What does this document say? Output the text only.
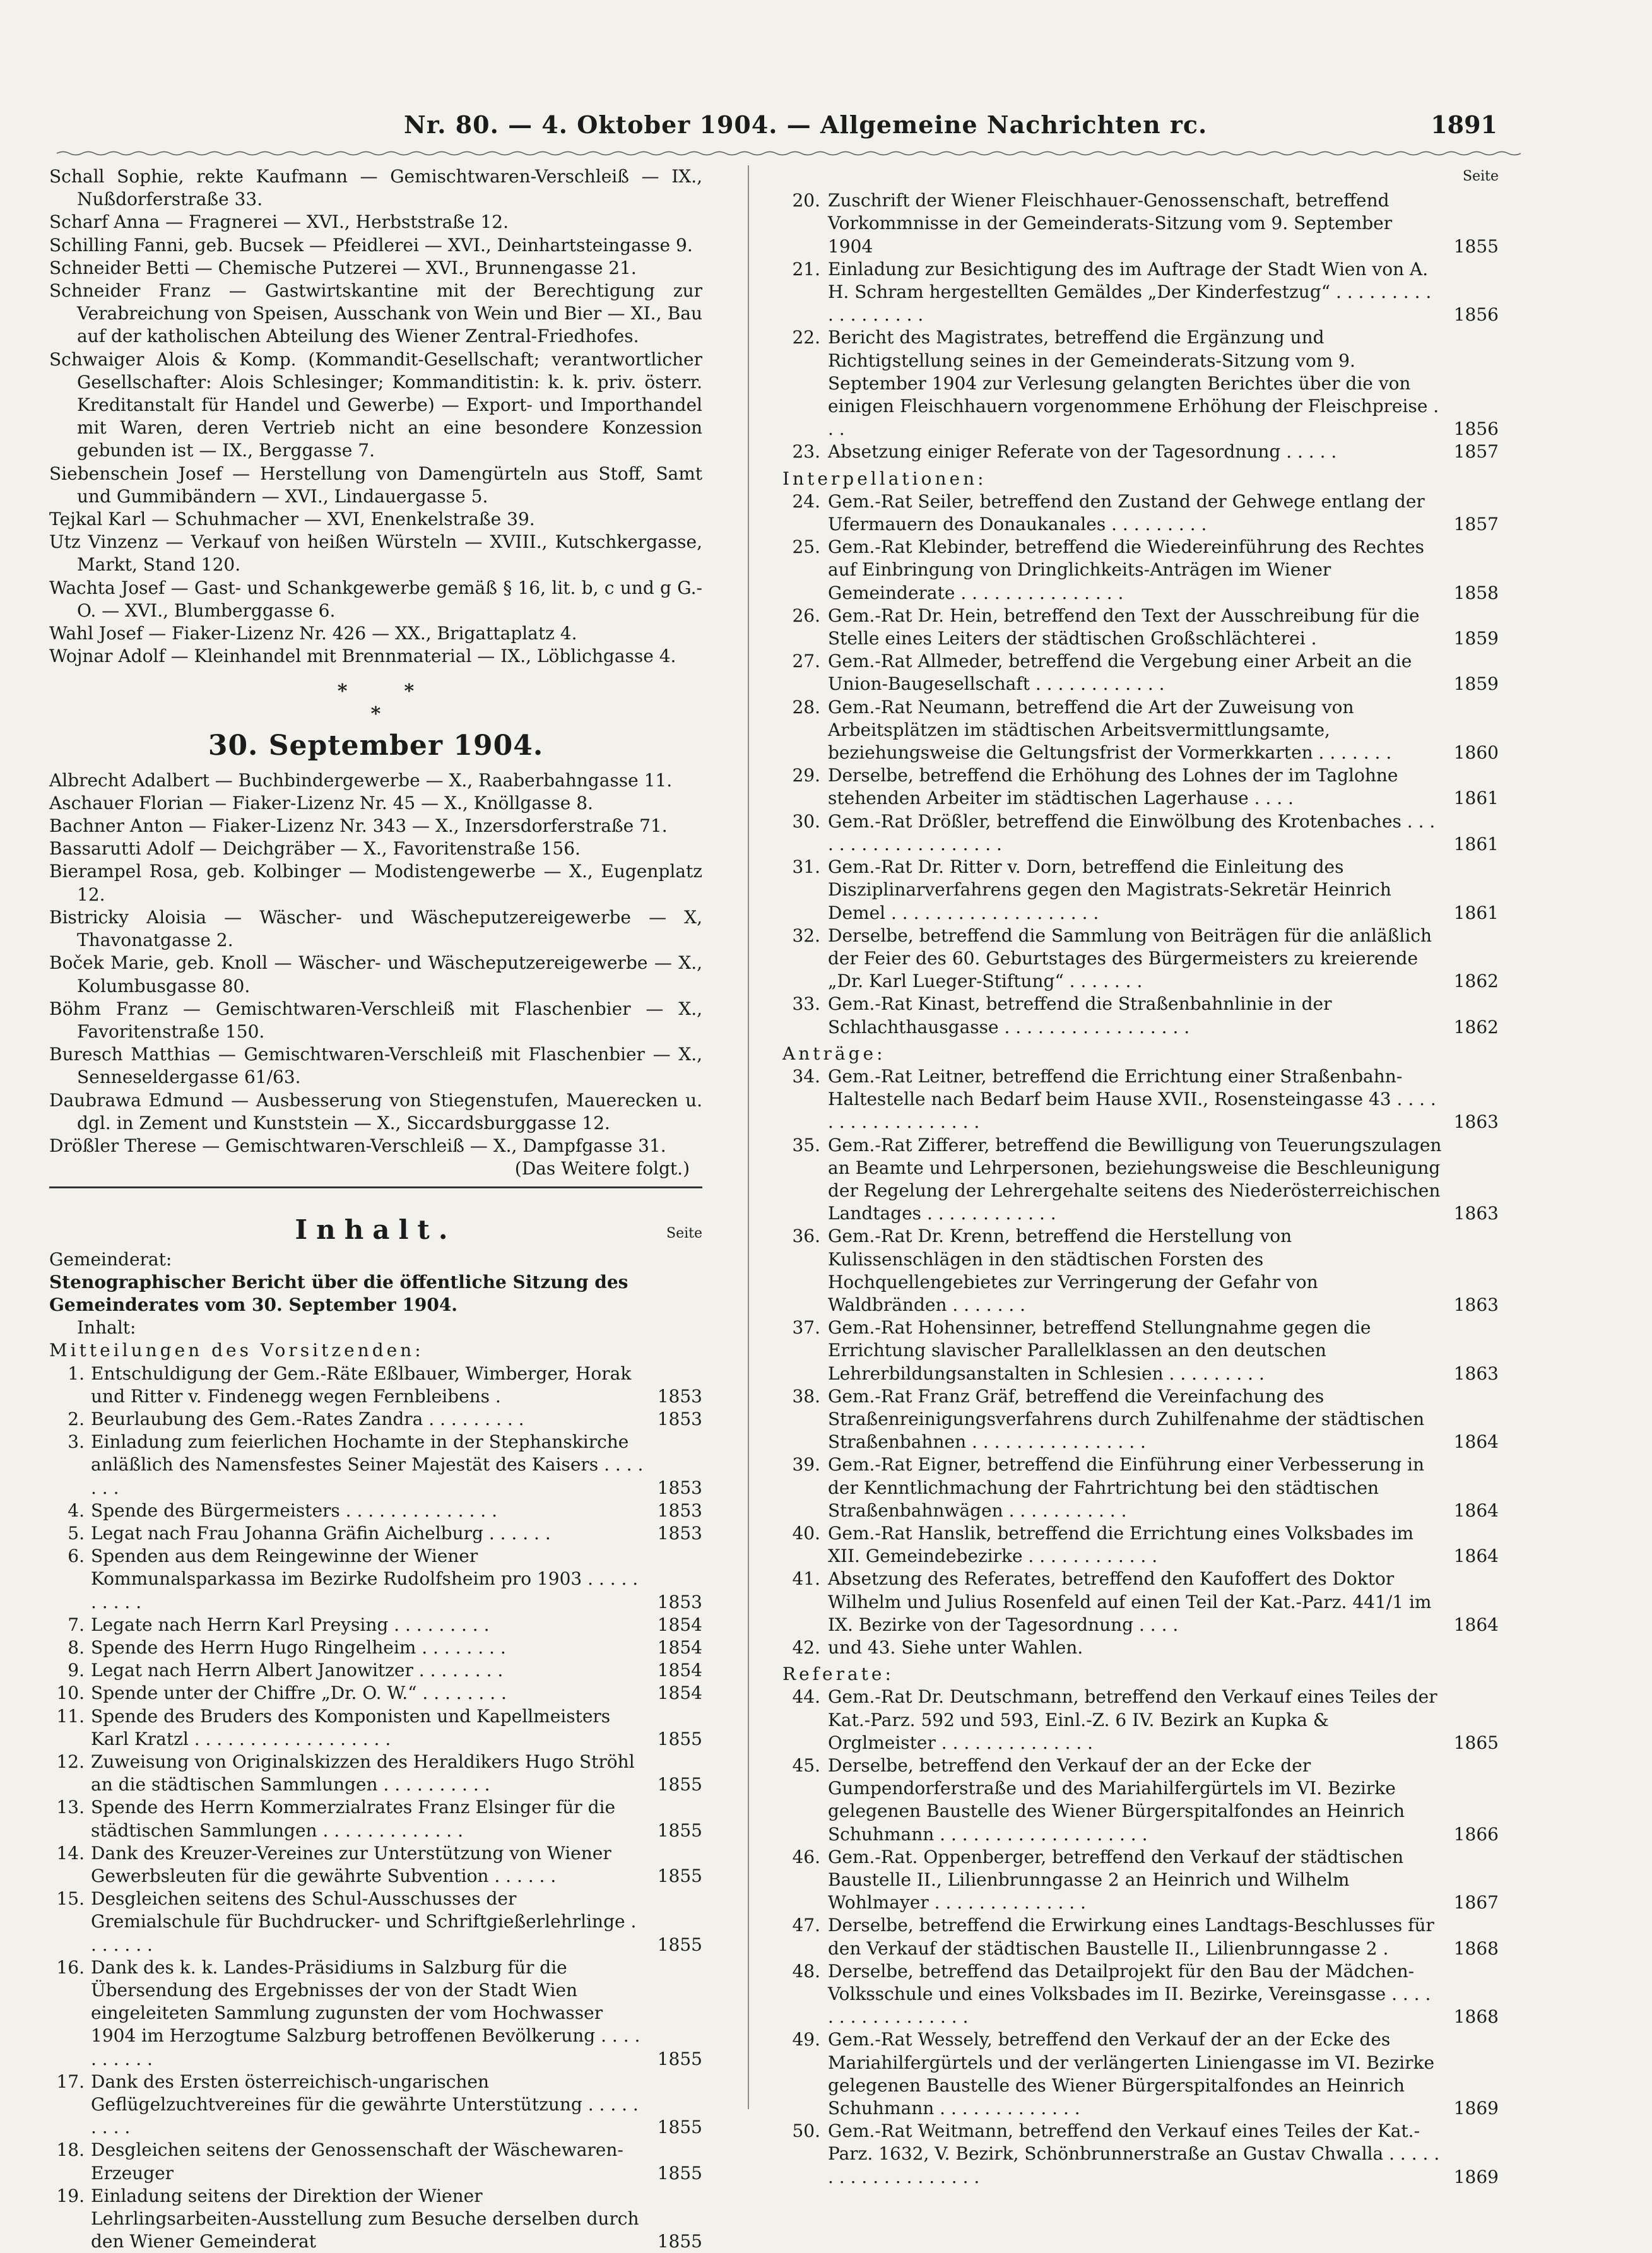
Nr. 80. — 4. Oktober 1904. — Allgemeine Nachrichten rc.	1891
Schall Sophie, rekte Kaufmann — Gemischtwaren-Verschleiß — IX., Nußdorferstraße 33.
Scharf Anna — Fragnerei — XVI., Herbststraße 12.
Schilling Fanni, geb. Bucsek — Pfeidlerei — XVI., Deinhartsteingasse 9.
Schneider Betti — Chemische Putzerei — XVI., Brunnengasse 21.
Schneider Franz — Gastwirtskantine mit der Berechtigung zur Verabreichung von Speisen, Ausschank von Wein und Bier — XI., Bau auf der katholischen Abteilung des Wiener Zentral-Friedhofes.
Schwaiger Alois & Komp. (Kommandit-Gesellschaft; verantwortlicher Gesellschafter: Alois Schlesinger; Kommanditistin: k. k. priv. österr. Kreditanstalt für Handel und Gewerbe) — Export- und Importhandel mit Waren, deren Vertrieb nicht an eine besondere Konzession gebunden ist — IX., Berggasse 7.
Siebenschein Josef — Herstellung von Damengürteln aus Stoff, Samt und Gummibändern — XVI., Lindauergasse 5.
Tejkal Karl — Schuhmacher — XVI, Enenkelstraße 39.
Utz Vinzenz — Verkauf von heißen Würsteln — XVIII., Kutschkergasse, Markt, Stand 120.
Wachta Josef — Gast- und Schankgewerbe gemäß § 16, lit. b, c und g G.-O. — XVI., Blumberggasse 6.
Wahl Josef — Fiaker-Lizenz Nr. 426 — XX., Brigattaplatz 4.
Wojnar Adolf — Kleinhandel mit Brennmaterial — IX., Löblichgasse 4.
*	*
*
30. September 1904.
Albrecht Adalbert — Buchbindergewerbe — X., Raaberbahngasse 11.
Aschauer Florian — Fiaker-Lizenz Nr. 45 — X., Knöllgasse 8.
Bachner Anton — Fiaker-Lizenz Nr. 343 — X., Inzersdorferstraße 71.
Bassarutti Adolf — Deichgräber — X., Favoritenstraße 156.
Bierampel Rosa, geb. Kolbinger — Modistengewerbe — X., Eugenplatz 12.
Bistricky Aloisia — Wäscher- und Wäscheputzereigewerbe — X, Thavonatgasse 2.
Boček Marie, geb. Knoll — Wäscher- und Wäscheputzereigewerbe — X., Kolumbusgasse 80.
Böhm Franz — Gemischtwaren-Verschleiß mit Flaschenbier — X., Favoritenstraße 150.
Buresch Matthias — Gemischtwaren-Verschleiß mit Flaschenbier — X., Senneseldergasse 61/63.
Daubrawa Edmund — Ausbesserung von Stiegenstufen, Mauerecken u. dgl. in Zement und Kunststein — X., Siccardsburggasse 12.
Drößler Therese — Gemischtwaren-Verschleiß — X., Dampfgasse 31.
(Das Weitere folgt.)
Inhalt.	Seite
Gemeinderat:
Stenographischer Bericht über die öffentliche Sitzung des Gemeinderates vom 30. September 1904.
Inhalt:
Mitteilungen des Vorsitzenden:
1. Entschuldigung der Gem.-Räte Eßlbauer, Wimberger, Horak und Ritter v. Findenegg wegen Fernbleibens .	1853
2. Beurlaubung des Gem.-Rates Zandra . . . . . . . . .	1853
3. Einladung zum feierlichen Hochamte in der Stephanskirche anläßlich des Namensfestes Seiner Majestät des Kaisers . . . . . . .	1853
4. Spende des Bürgermeisters . . . . . . . . . . . . . .	1853
5. Legat nach Frau Johanna Gräfin Aichelburg . . . . . .	1853
6. Spenden aus dem Reingewinne der Wiener Kommunalsparkassa im Bezirke Rudolfsheim pro 1903 . . . . . . . . . .	1853
7. Legate nach Herrn Karl Preysing . . . . . . . . .	1854
8. Spende des Herrn Hugo Ringelheim . . . . . . . .	1854
9. Legat nach Herrn Albert Janowitzer . . . . . . . .	1854
10. Spende unter der Chiffre „Dr. O. W.“ . . . . . . . .	1854
11. Spende des Bruders des Komponisten und Kapellmeisters Karl Kratzl . . . . . . . . . . . . . . . . . .	1855
12. Zuweisung von Originalskizzen des Heraldikers Hugo Ströhl an die städtischen Sammlungen . . . . . . . . . .	1855
13. Spende des Herrn Kommerzialrates Franz Elsinger für die städtischen Sammlungen . . . . . . . . . . . . .	1855
14. Dank des Kreuzer-Vereines zur Unterstützung von Wiener Gewerbsleuten für die gewährte Subvention . . . . . .	1855
15. Desgleichen seitens des Schul-Ausschusses der Gremialschule für Buchdrucker- und Schriftgießerlehrlinge . . . . . . .	1855
16. Dank des k. k. Landes-Präsidiums in Salzburg für die Übersendung des Ergebnisses der von der Stadt Wien eingeleiteten Sammlung zugunsten der vom Hochwasser 1904 im Herzogtume Salzburg betroffenen Bevölkerung . . . . . . . . . .	1855
17. Dank des Ersten österreichisch-ungarischen Geflügelzuchtvereines für die gewährte Unterstützung . . . . . . . . .	1855
18. Desgleichen seitens der Genossenschaft der Wäschewaren-Erzeuger	1855
19. Einladung seitens der Direktion der Wiener Lehrlingsarbeiten-Ausstellung zum Besuche derselben durch den Wiener Gemeinderat	1855
Seite
20. Zuschrift der Wiener Fleischhauer-Genossenschaft, betreffend Vorkommnisse in der Gemeinderats-Sitzung vom 9. September 1904	1855
21. Einladung zur Besichtigung des im Auftrage der Stadt Wien von A. H. Schram hergestellten Gemäldes „Der Kinderfestzug“ . . . . . . . . . . . . . . . . . .	1856
22. Bericht des Magistrates, betreffend die Ergänzung und Richtigstellung seines in der Gemeinderats-Sitzung vom 9. September 1904 zur Verlesung gelangten Berichtes über die von einigen Fleischhauern vorgenommene Erhöhung der Fleischpreise . . .	1856
23. Absetzung einiger Referate von der Tagesordnung . . . . .	1857
Interpellationen:
24. Gem.-Rat Seiler, betreffend den Zustand der Gehwege entlang der Ufermauern des Donaukanales . . . . . . . . .	1857
25. Gem.-Rat Klebinder, betreffend die Wiedereinführung des Rechtes auf Einbringung von Dringlichkeits-Anträgen im Wiener Gemeinderate . . . . . . . . . . . . . . .	1858
26. Gem.-Rat Dr. Hein, betreffend den Text der Ausschreibung für die Stelle eines Leiters der städtischen Großschlächterei .	1859
27. Gem.-Rat Allmeder, betreffend die Vergebung einer Arbeit an die Union-Baugesellschaft . . . . . . . . . . . .	1859
28. Gem.-Rat Neumann, betreffend die Art der Zuweisung von Arbeitsplätzen im städtischen Arbeitsvermittlungsamte, beziehungsweise die Geltungsfrist der Vormerkkarten . . . . . . .	1860
29. Derselbe, betreffend die Erhöhung des Lohnes der im Taglohne stehenden Arbeiter im städtischen Lagerhause . . . .	1861
30. Gem.-Rat Drößler, betreffend die Einwölbung des Krotenbaches . . . . . . . . . . . . . . . . . . .	1861
31. Gem.-Rat Dr. Ritter v. Dorn, betreffend die Einleitung des Disziplinarverfahrens gegen den Magistrats-Sekretär Heinrich Demel . . . . . . . . . . . . . . . . . . .	1861
32. Derselbe, betreffend die Sammlung von Beiträgen für die anläßlich der Feier des 60. Geburtstages des Bürgermeisters zu kreierende „Dr. Karl Lueger-Stiftung“ . . . . . . .	1862
33. Gem.-Rat Kinast, betreffend die Straßenbahnlinie in der Schlachthausgasse . . . . . . . . . . . . . . . . .	1862
Anträge:
34. Gem.-Rat Leitner, betreffend die Errichtung einer Straßenbahn-Haltestelle nach Bedarf beim Hause XVII., Rosensteingasse 43 . . . . . . . . . . . . . . . . . .	1863
35. Gem.-Rat Zifferer, betreffend die Bewilligung von Teuerungszulagen an Beamte und Lehrpersonen, beziehungsweise die Beschleunigung der Regelung der Lehrergehalte seitens des Niederösterreichischen Landtages . . . . . . . . . . . .	1863
36. Gem.-Rat Dr. Krenn, betreffend die Herstellung von Kulissenschlägen in den städtischen Forsten des Hochquellengebietes zur Verringerung der Gefahr von Waldbränden . . . . . . .	1863
37. Gem.-Rat Hohensinner, betreffend Stellungnahme gegen die Errichtung slavischer Parallelklassen an den deutschen Lehrerbildungsanstalten in Schlesien . . . . . . . . .	1863
38. Gem.-Rat Franz Gräf, betreffend die Vereinfachung des Straßenreinigungsverfahrens durch Zuhilfenahme der städtischen Straßenbahnen . . . . . . . . . . . . . . . .	1864
39. Gem.-Rat Eigner, betreffend die Einführung einer Verbesserung in der Kenntlichmachung der Fahrtrichtung bei den städtischen Straßenbahnwägen . . . . . . . . . . .	1864
40. Gem.-Rat Hanslik, betreffend die Errichtung eines Volksbades im XII. Gemeindebezirke . . . . . . . . . . . .	1864
41. Absetzung des Referates, betreffend den Kaufoffert des Doktor Wilhelm und Julius Rosenfeld auf einen Teil der Kat.-Parz. 441/1 im IX. Bezirke von der Tagesordnung . . . .	1864
42. und 43. Siehe unter Wahlen.
Referate:
44. Gem.-Rat Dr. Deutschmann, betreffend den Verkauf eines Teiles der Kat.-Parz. 592 und 593, Einl.-Z. 6 IV. Bezirk an Kupka & Orglmeister . . . . . . . . . . . . . .	1865
45. Derselbe, betreffend den Verkauf der an der Ecke der Gumpendorferstraße und des Mariahilfergürtels im VI. Bezirke gelegenen Baustelle des Wiener Bürgerspitalfondes an Heinrich Schuhmann . . . . . . . . . . . . . . . . . . .	1866
46. Gem.-Rat. Oppenberger, betreffend den Verkauf der städtischen Baustelle II., Lilienbrunngasse 2 an Heinrich und Wilhelm Wohlmayer . . . . . . . . . . . . . .	1867
47. Derselbe, betreffend die Erwirkung eines Landtags-Beschlusses für den Verkauf der städtischen Baustelle II., Lilienbrunngasse 2 .	1868
48. Derselbe, betreffend das Detailprojekt für den Bau der Mädchen-Volksschule und eines Volksbades im II. Bezirke, Vereinsgasse . . . . . . . . . . . . . . . . .	1868
49. Gem.-Rat Wessely, betreffend den Verkauf der an der Ecke des Mariahilfergürtels und der verlängerten Liniengasse im VI. Bezirke gelegenen Baustelle des Wiener Bürgerspitalfondes an Heinrich Schuhmann . . . . . . . . . . . . .	1869
50. Gem.-Rat Weitmann, betreffend den Verkauf eines Teiles der Kat.-Parz. 1632, V. Bezirk, Schönbrunnerstraße an Gustav Chwalla . . . . . . . . . . . . . . . . . . .	1869
